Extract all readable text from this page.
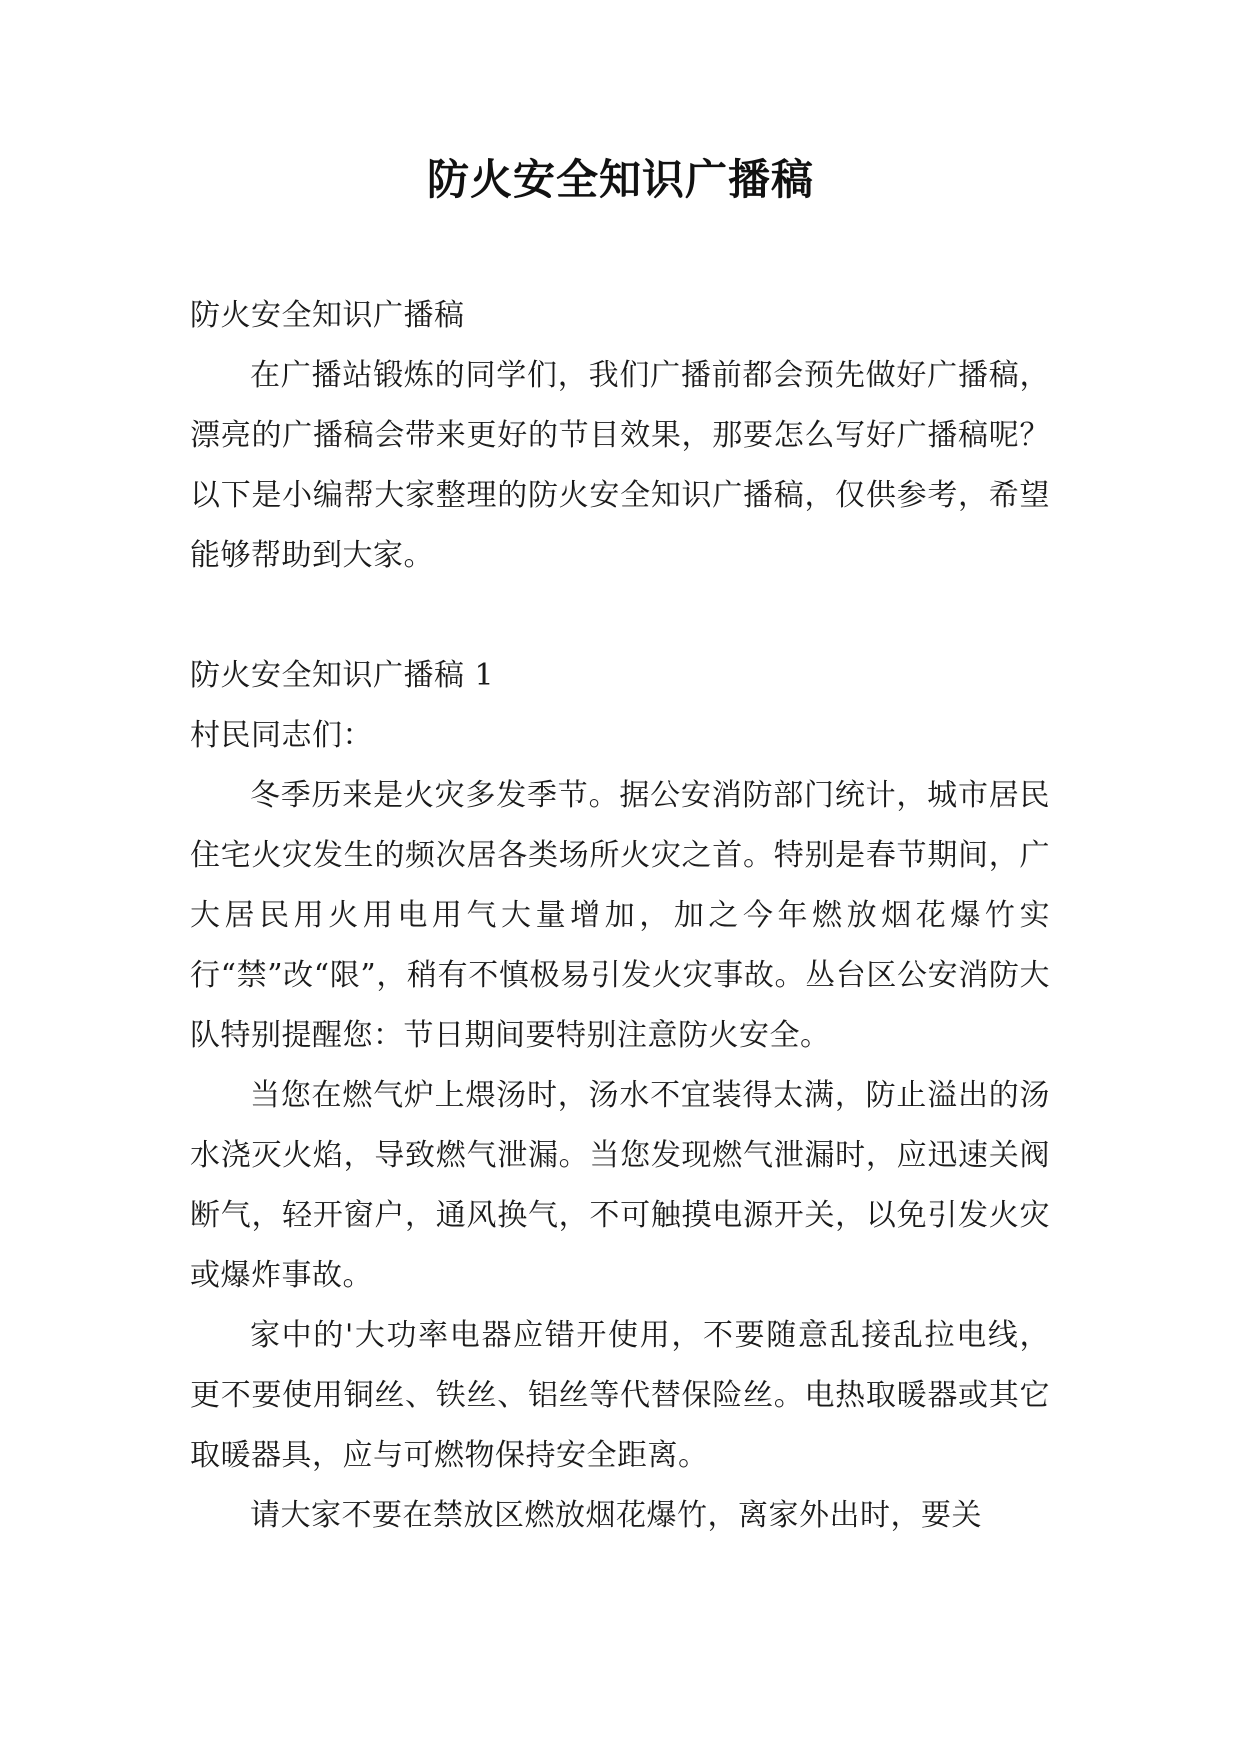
防火安全知识广播稿

防火安全知识广播稿

在广播站锻炼的同学们，我们广播前都会预先做好广播稿，漂亮的广播稿会带来更好的节目效果，那要怎么写好广播稿呢？以下是小编帮大家整理的防火安全知识广播稿，仅供参考，希望能够帮助到大家。

防火安全知识广播稿 1

村民同志们：

冬季历来是火灾多发季节。据公安消防部门统计，城市居民住宅火灾发生的频次居各类场所火灾之首。特别是春节期间，广大居民用火用电用气大量增加，加之今年燃放烟花爆竹实行“禁”改“限”，稍有不慎极易引发火灾事故。丛台区公安消防大队特别提醒您：节日期间要特别注意防火安全。

当您在燃气炉上煨汤时，汤水不宜装得太满，防止溢出的汤水浇灭火焰，导致燃气泄漏。当您发现燃气泄漏时，应迅速关阀断气，轻开窗户，通风换气，不可触摸电源开关，以免引发火灾或爆炸事故。

家中的'大功率电器应错开使用，不要随意乱接乱拉电线，更不要使用铜丝、铁丝、铝丝等代替保险丝。电热取暖器或其它取暖器具，应与可燃物保持安全距离。

请大家不要在禁放区燃放烟花爆竹，离家外出时，要关
